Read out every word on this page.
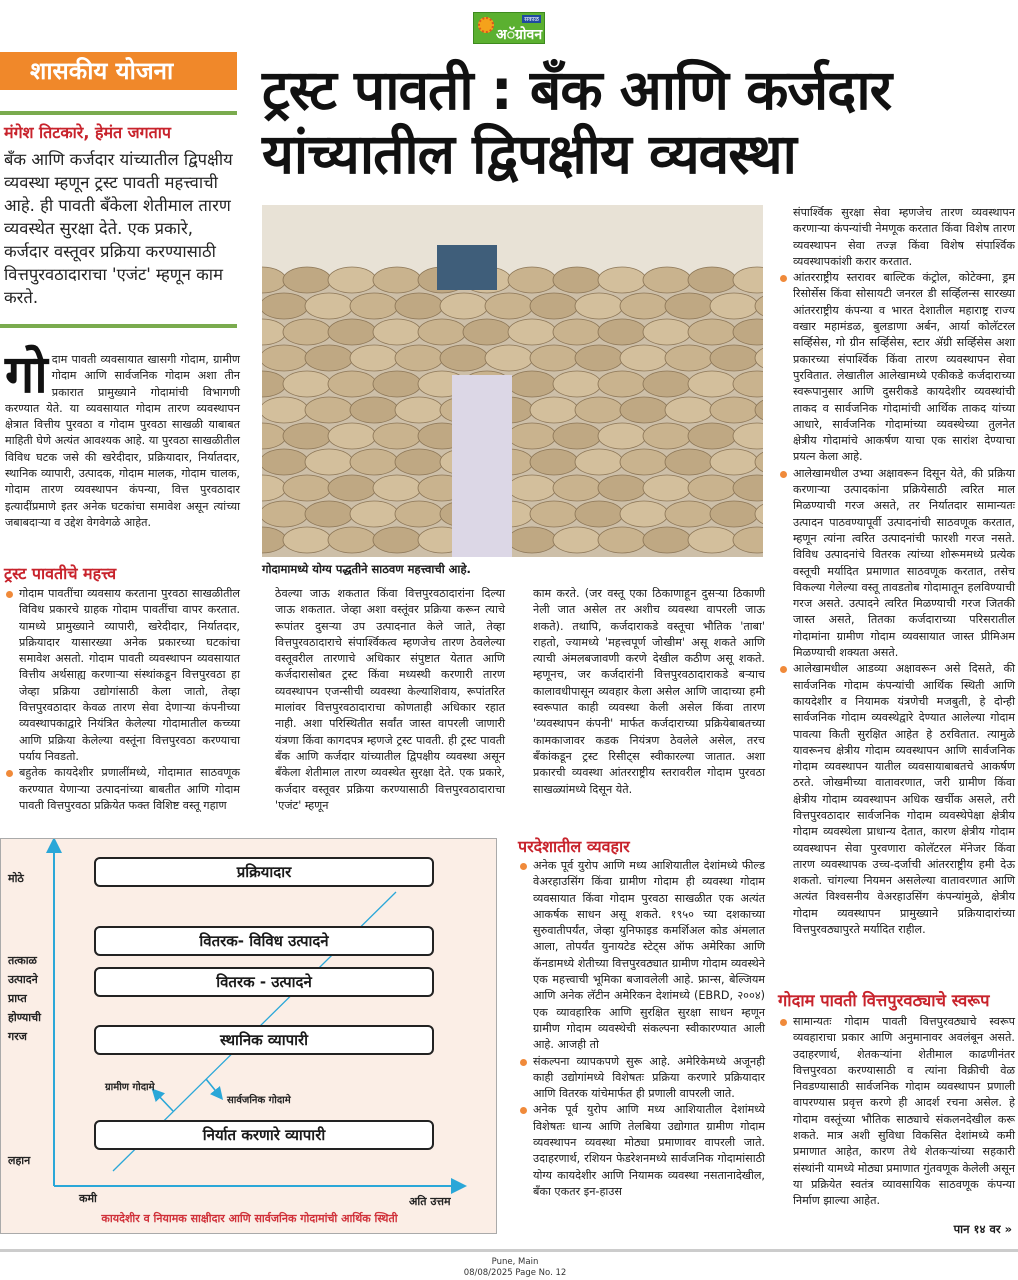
सकाळ
अॅग्रोवन
शासकीय योजना	ट्रस्ट पावती : बँक आणि कर्जदार
यांच्यातील द्विपक्षीय व्यवस्था
मंगेश तिटकारे, हेमंत जगताप
बँक आणि कर्जदार यांच्यातील द्विपक्षीय व्यवस्था म्हणून ट्रस्ट पावती महत्त्वाची आहे. ही पावती बँकेला शेतीमाल तारण व्यवस्थेत सुरक्षा देते. एक प्रकारे, कर्जदार वस्तूवर प्रक्रिया करण्यासाठी वित्तपुरवठादाराचा 'एजंट' म्हणून काम करते.
गोदाम पावती व्यवसायात खासगी गोदाम, ग्रामीण गोदाम आणि सार्वजनिक गोदाम अशा तीन प्रकारात प्रामुख्याने गोदामांची विभागणी करण्यात येते. या व्यवसायात गोदाम तारण व्यवस्थापन क्षेत्रात वित्तीय पुरवठा व गोदाम पुरवठा साखळी याबाबत माहिती घेणे अत्यंत आवश्यक आहे. या पुरवठा साखळीतील विविध घटक जसे की खरेदीदार, प्रक्रियादार, निर्यातदार, स्थानिक व्यापारी, उत्पादक, गोदाम मालक, गोदाम चालक, गोदाम तारण व्यवस्थापन कंपन्या, वित्त पुरवठादार इत्यादींप्रमाणे इतर अनेक घटकांचा समावेश असून त्यांच्या जबाबदाऱ्या व उद्देश वेगवेगळे आहेत.
ट्रस्ट पावतीचे महत्त्व

गोदाम पावतींचा व्यवसाय करताना पुरवठा साखळीतील विविध प्रकारचे ग्राहक गोदाम पावतींचा वापर करतात. यामध्ये प्रामुख्याने व्यापारी, खरेदीदार, निर्यातदार, प्रक्रियादार यासारख्या अनेक प्रकारच्या घटकांचा समावेश असतो. गोदाम पावती व्यवस्थापन व्यवसायात वित्तीय अर्थसाह्य करणाऱ्या संस्थांकडून वित्तपुरवठा हा जेव्हा प्रक्रिया उद्योगांसाठी केला जातो, तेव्हा वित्तपुरवठादार केवळ तारण सेवा देणाऱ्या कंपनीच्या व्यवस्थापकाद्वारे नियंत्रित केलेल्या गोदामातील कच्च्या आणि प्रक्रिया केलेल्या वस्तूंना वित्तपुरवठा करण्याचा पर्याय निवडतो.

बहुतेक कायदेशीर प्रणालींमध्ये, गोदामात साठवणूक करण्यात येणाऱ्या उत्पादनांच्या बाबतीत आणि गोदाम पावती वित्तपुरवठा प्रक्रियेत फक्त विशिष्ट वस्तू गहाण

गोदामामध्ये योग्य पद्धतीने साठवण महत्त्वाची आहे.

ठेवल्या जाऊ शकतात किंवा वित्तपुरवठादारांना दिल्या जाऊ शकतात. जेव्हा अशा वस्तूंवर प्रक्रिया करून त्याचे रूपांतर दुसऱ्या उप उत्पादनात केले जाते, तेव्हा वित्तपुरवठादाराचे संपार्श्विकत्व म्हणजेच तारण ठेवलेल्या वस्तूवरील तारणाचे अधिकार संपुष्टात येतात आणि कर्जदारासोबत ट्रस्ट किंवा मध्यस्थी करणारी तारण व्यवस्थापन एजन्सीची व्यवस्था केल्याशिवाय, रूपांतरित मालांवर वित्तपुरवठादाराचा कोणताही अधिकार रहात नाही. अशा परिस्थितीत सर्वांत जास्त वापरली जाणारी यंत्रणा किंवा कागदपत्र म्हणजे ट्रस्ट पावती. ही ट्रस्ट पावती बँक आणि कर्जदार यांच्यातील द्विपक्षीय व्यवस्था असून बँकेला शेतीमाल तारण व्यवस्थेत सुरक्षा देते. एक प्रकारे, कर्जदार वस्तूवर प्रक्रिया करण्यासाठी वित्तपुरवठादाराचा 'एजंट' म्हणून

काम करते. (जर वस्तू एका ठिकाणाहून दुसऱ्या ठिकाणी नेली जात असेल तर अशीच व्यवस्था वापरली जाऊ शकते). तथापि, कर्जदाराकडे वस्तूचा भौतिक 'ताबा' राहतो, ज्यामध्ये 'महत्त्वपूर्ण जोखीम' असू शकते आणि त्याची अंमलबजावणी करणे देखील कठीण असू शकते. म्हणूनच, जर कर्जदारांनी वित्तपुरवठादाराकडे बऱ्याच कालावधीपासून व्यवहार केला असेल आणि जादाच्या हमी स्वरूपात काही व्यवस्था केली असेल किंवा तारण 'व्यवस्थापन कंपनी' मार्फत कर्जदाराच्या प्रक्रियेबाबतच्या कामकाजावर कडक नियंत्रण ठेवलेले असेल, तरच बँकांकडून ट्रस्ट रिसीट्स स्वीकारल्या जातात. अशा प्रकारची व्यवस्था आंतरराष्ट्रीय स्तरावरील गोदाम पुरवठा साखळ्यांमध्ये दिसून येते.

परदेशातील व्यवहार

अनेक पूर्व युरोप आणि मध्य आशियातील देशांमध्ये फील्ड वेअरहाउसिंग किंवा ग्रामीण गोदाम ही व्यवस्था गोदाम व्यवसायात किंवा गोदाम पुरवठा साखळीत एक अत्यंत आकर्षक साधन असू शकते. १९५० च्या दशकाच्या सुरुवातीपर्यंत, जेव्हा युनिफाइड कमर्शिअल कोड अंमलात आला, तोपर्यंत युनायटेड स्टेट्स ऑफ अमेरिका आणि कॅनडामध्ये शेतीच्या वित्तपुरवठ्यात ग्रामीण गोदाम व्यवस्थेने एक महत्त्वाची भूमिका बजावलेली आहे. फ्रान्स, बेल्जियम आणि अनेक लॅटीन अमेरिकन देशांमध्ये (EBRD, २००४) एक व्यावहारिक आणि सुरक्षित सुरक्षा साधन म्हणून ग्रामीण गोदाम व्यवस्थेची संकल्पना स्वीकारण्यात आली आहे. आजही तो

संकल्पना व्यापकपणे सुरू आहे. अमेरिकेमध्ये अजूनही काही उद्योगांमध्ये विशेषतः प्रक्रिया करणारे प्रक्रियादार आणि वितरक यांचेमार्फत ही प्रणाली वापरली जाते.

अनेक पूर्व युरोप आणि मध्य आशियातील देशांमध्ये विशेषतः धान्य आणि तेलबिया उद्योगात ग्रामीण गोदाम व्यवस्थापन व्यवस्था मोठ्या प्रमाणावर वापरली जाते. उदाहरणार्थ, रशियन फेडरेशनमध्ये सार्वजनिक गोदामांसाठी योग्य कायदेशीर आणि नियामक व्यवस्था नसतानादेखील, बँका एकतर इन-हाउस

संपार्श्विक सुरक्षा सेवा म्हणजेच तारण व्यवस्थापन करणाऱ्या कंपन्यांची नेमणूक करतात किंवा विशेष तारण व्यवस्थापन सेवा तज्ज्ञ किंवा विशेष संपार्श्विक व्यवस्थापकांशी करार करतात.

आंतरराष्ट्रीय स्तरावर बाल्टिक कंट्रोल, कोटेक्ना, ड्रम रिसोर्सेस किंवा सोसायटी जनरल डी सर्व्हिलन्स सारख्या आंतरराष्ट्रीय कंपन्या व भारत देशातील महाराष्ट्र राज्य वखार महामंडळ, बुलडाणा अर्बन, आर्या कोलॅटरल सर्व्हिसेस, गो ग्रीन सर्व्हिसेस, स्टार ॲग्री सर्व्हिसेस अशा प्रकारच्या संपार्श्विक किंवा तारण व्यवस्थापन सेवा पुरवितात. लेखातील आलेखामध्ये एकीकडे कर्जदाराच्या स्वरूपानुसार आणि दुसरीकडे कायदेशीर व्यवस्थांची ताकद व सार्वजनिक गोदामांची आर्थिक ताकद यांच्या आधारे, सार्वजनिक गोदामांच्या व्यवस्थेच्या तुलनेत क्षेत्रीय गोदामांचे आकर्षण याचा एक सारांश देण्याचा प्रयत्न केला आहे.

आलेखामधील उभ्या अक्षावरून दिसून येते, की प्रक्रिया करणाऱ्या उत्पादकांना प्रक्रियेसाठी त्वरित माल मिळण्याची गरज असते, तर निर्यातदार सामान्यतः उत्पादन पाठवण्यापूर्वी उत्पादनांची साठवणूक करतात, म्हणून त्यांना त्वरित उत्पादनांची फारशी गरज नसते. विविध उत्पादनांचे वितरक त्यांच्या शोरूममध्ये प्रत्येक वस्तूची मर्यादित प्रमाणात साठवणूक करतात, तसेच विकल्या गेलेल्या वस्तू तावडतोब गोदामातून हलविण्याची गरज असते. उत्पादने त्वरित मिळण्याची गरज जितकी जास्त असते, तितका कर्जदाराच्या परिसरातील गोदामांना ग्रामीण गोदाम व्यवसायात जास्त प्रीमिअम मिळण्याची शक्यता असते.

आलेखामधील आडव्या अक्षावरून असे दिसते, की सार्वजनिक गोदाम कंपन्यांची आर्थिक स्थिती आणि कायदेशीर व नियामक यंत्रणेची मजबुती, हे दोन्ही सार्वजनिक गोदाम व्यवस्थेद्वारे देण्यात आलेल्या गोदाम पावत्या किती सुरक्षित आहेत हे ठरवितात. त्यामुळे यावरूनच क्षेत्रीय गोदाम व्यवस्थापन आणि सार्वजनिक गोदाम व्यवस्थापन यातील व्यवसायाबाबतचे आकर्षण ठरते. जोखमीच्या वातावरणात, जरी ग्रामीण किंवा क्षेत्रीय गोदाम व्यवस्थापन अधिक खर्चीक असले, तरी वित्तपुरवठादार सार्वजनिक गोदाम व्यवस्थेपेक्षा क्षेत्रीय गोदाम व्यवस्थेला प्राधान्य देतात, कारण क्षेत्रीय गोदाम व्यवस्थापन सेवा पुरवणारा कोलॅटरल मॅनेजर किंवा तारण व्यवस्थापक उच्च-दर्जाची आंतरराष्ट्रीय हमी देऊ शकतो. चांगल्या नियमन असलेल्या वातावरणात आणि अत्यंत विश्वसनीय वेअरहाउसिंग कंपन्यांमुळे, क्षेत्रीय गोदाम व्यवस्थापन प्रामुख्याने प्रक्रियादारांच्या वित्तपुरवठ्यापुरते मर्यादित राहील.

गोदाम पावती वित्तपुरवठ्याचे स्वरूप

सामान्यतः गोदाम पावती वित्तपुरवठ्याचे स्वरूप व्यवहाराचा प्रकार आणि अनुमानावर अवलंबून असते. उदाहरणार्थ, शेतकऱ्यांना शेतीमाल काढणीनंतर वित्तपुरवठा करण्यासाठी व त्यांना विक्रीची वेळ निवडण्यासाठी सार्वजनिक गोदाम व्यवस्थापन प्रणाली वापरण्यास प्रवृत्त करणे ही आदर्श रचना असेल. हे गोदाम वस्तूंच्या भौतिक साठ्याचे संकलनदेखील करू शकते. मात्र अशी सुविधा विकसित देशांमध्ये कमी प्रमाणात आहेत, कारण तेथे शेतकऱ्यांच्या सहकारी संस्थांनी यामध्ये मोठ्या प्रमाणात गुंतवणूक केलेली असून या प्रक्रियेत स्वतंत्र व्यावसायिक साठवणूक कंपन्या निर्माण झाल्या आहेत.

पान १४ वर »
प्रक्रियादार
वितरक- विविध उत्पादने
वितरक - उत्पादने
स्थानिक व्यापारी
निर्यात करणारे व्यापारी
मोठे
तत्काळ उत्पादने प्राप्त होण्याची गरज
लहान
कमी	अति उत्तम
ग्रामीण गोदामे
सार्वजनिक गोदामे
कायदेशीर व नियामक साक्षीदार आणि सार्वजनिक गोदामांची आर्थिक स्थिती
Pune, Main
08/08/2025 Page No. 12
